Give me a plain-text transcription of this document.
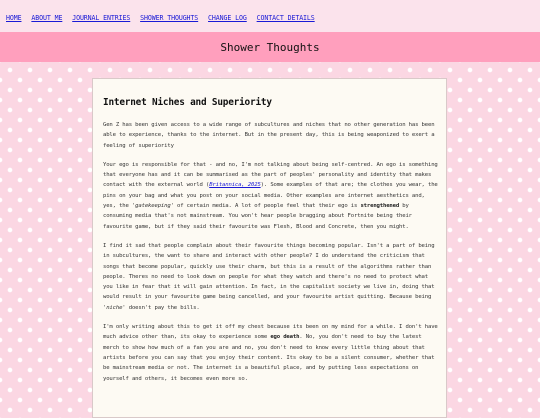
HOME ABOUT ME JOURNAL ENTRIES SHOWER THOUGHTS CHANGE LOG CONTACT DETAILS
Shower Thoughts
Internet Niches and Superiority

Gen Z has been given access to a wide range of subcultures and niches that no other generation has been able to experience, thanks to the internet. But in the present day, this is being weaponized to exert a feeling of superiority

Your ego is responsible for that - and no, I'm not talking about being self-centred. An ego is something that everyone has and it can be summarised as the part of peoples' personality and identity that makes contact with the external world (Britannica, 2025). Some examples of that are; the clothes you wear, the pins on your bag and what you post on your social media. Other examples are internet aesthetics and, yes, the 'gatekeeping' of certain media. A lot of people feel that their ego is strengthened by consuming media that's not mainstream. You won't hear people bragging about Fortnite being their favourite game, but if they said their favourite was Flesh, Blood and Concrete, then you might.

I find it sad that people complain about their favourite things becoming popular. Isn't a part of being in subcultures, the want to share and interact with other people? I do understand the criticism that songs that become popular, quickly use their charm, but this is a result of the algorithms rather than people. Theres no need to look down on people for what they watch and there's no need to protect what you like in fear that it will gain attention. In fact, in the capitalist society we live in, doing that would result in your favourite game being cancelled, and your favourite artist quitting. Because being 'niche' doesn't pay the bills.

I'm only writing about this to get it off my chest because its been on my mind for a while. I don't have much advice other than, its okay to experience some ego death. No, you don't need to buy the latest merch to show how much of a fan you are and no, you don't need to know every little thing about that artists before you can say that you enjoy their content. Its okay to be a silent consumer, whether that be mainstream media or not. The internet is a beautiful place, and by putting less expectations on yourself and others, it becomes even more so.
